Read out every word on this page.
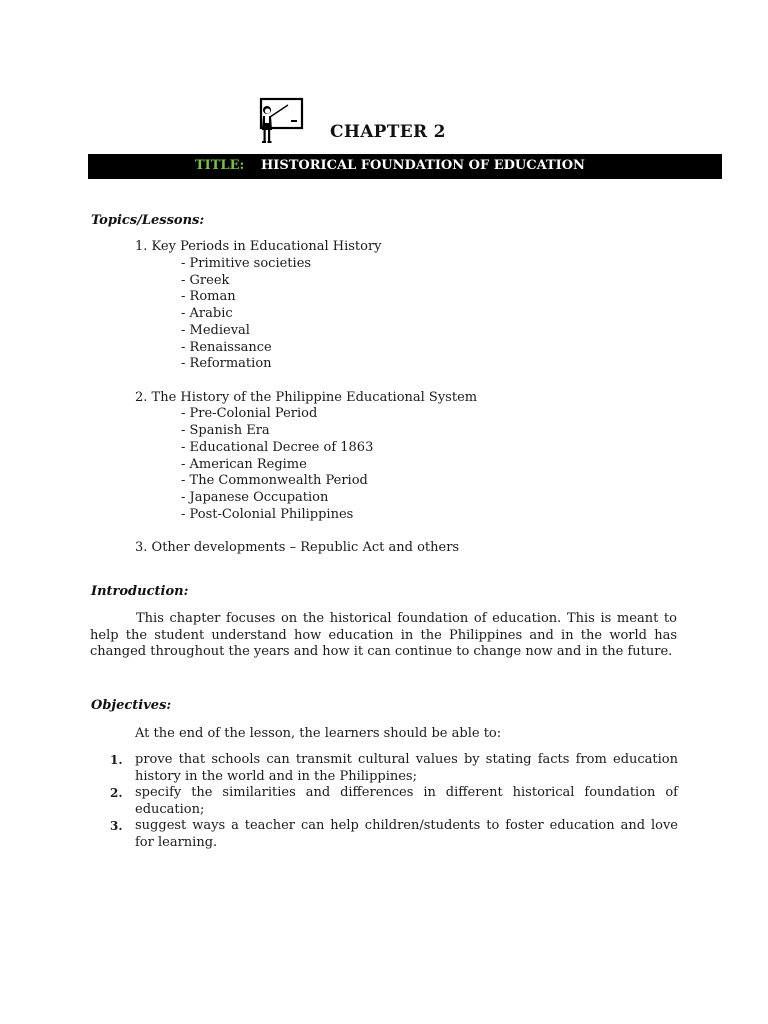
CHAPTER 2
TITLE: HISTORICAL FOUNDATION OF EDUCATION
Topics/Lessons:
1. Key Periods in Educational History
- Primitive societies
- Greek
- Roman
- Arabic
- Medieval
- Renaissance
- Reformation
2. The History of the Philippine Educational System
- Pre-Colonial Period
- Spanish Era
- Educational Decree of 1863
- American Regime
- The Commonwealth Period
- Japanese Occupation
- Post-Colonial Philippines
3. Other developments – Republic Act and others
Introduction:

This chapter focuses on the historical foundation of education. This is meant to help the student understand how education in the Philippines and in the world has changed throughout the years and how it can continue to change now and in the future.

Objectives:
At the end of the lesson, the learners should be able to:
1. prove that schools can transmit cultural values by stating facts from education history in the world and in the Philippines;
2. specify the similarities and differences in different historical foundation of education;
3. suggest ways a teacher can help children/students to foster education and love for learning.
